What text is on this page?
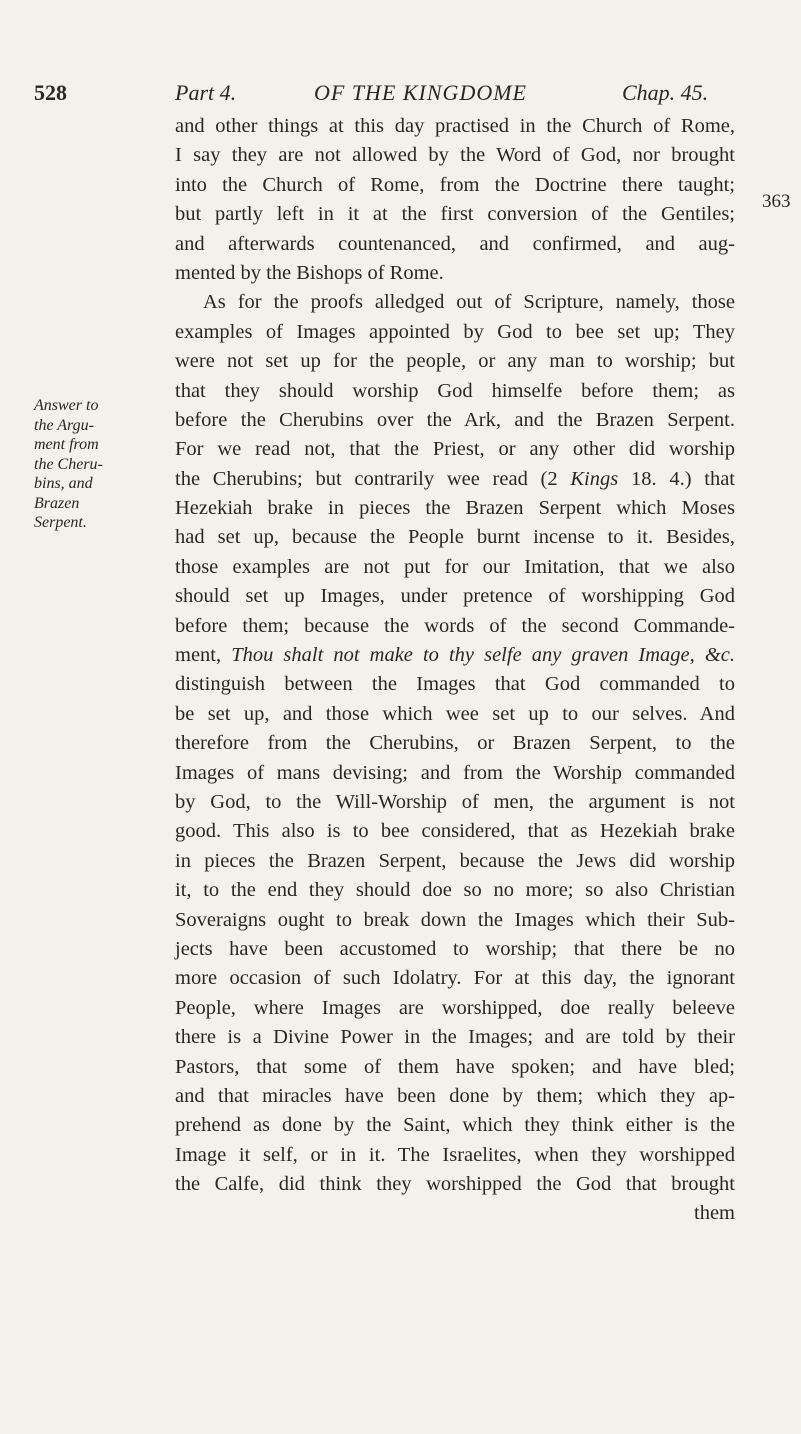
528	Part 4.	OF THE KINGDOME	Chap. 45.
363
Answer to
the Argu-
ment from
the Cheru-
bins, and
Brazen
Serpent.
and other things at this day practised in the Church of Rome,
I say they are not allowed by the Word of God, nor brought
into the Church of Rome, from the Doctrine there taught;
but partly left in it at the first conversion of the Gentiles;
and afterwards countenanced, and confirmed, and aug-
mented by the Bishops of Rome.
As for the proofs alledged out of Scripture, namely, those
examples of Images appointed by God to bee set up; They
were not set up for the people, or any man to worship; but
that they should worship God himselfe before them; as
before the Cherubins over the Ark, and the Brazen Serpent.
For we read not, that the Priest, or any other did worship
the Cherubins; but contrarily wee read (2 Kings 18. 4.) that
Hezekiah brake in pieces the Brazen Serpent which Moses
had set up, because the People burnt incense to it. Besides,
those examples are not put for our Imitation, that we also
should set up Images, under pretence of worshipping God
before them; because the words of the second Commande-
ment, Thou shalt not make to thy selfe any graven Image, &c.
distinguish between the Images that God commanded to
be set up, and those which wee set up to our selves. And
therefore from the Cherubins, or Brazen Serpent, to the
Images of mans devising; and from the Worship commanded
by God, to the Will-Worship of men, the argument is not
good. This also is to bee considered, that as Hezekiah brake
in pieces the Brazen Serpent, because the Jews did worship
it, to the end they should doe so no more; so also Christian
Soveraigns ought to break down the Images which their Sub-
jects have been accustomed to worship; that there be no
more occasion of such Idolatry. For at this day, the ignorant
People, where Images are worshipped, doe really beleeve
there is a Divine Power in the Images; and are told by their
Pastors, that some of them have spoken; and have bled;
and that miracles have been done by them; which they ap-
prehend as done by the Saint, which they think either is the
Image it self, or in it. The Israelites, when they worshipped
the Calfe, did think they worshipped the God that brought
them
